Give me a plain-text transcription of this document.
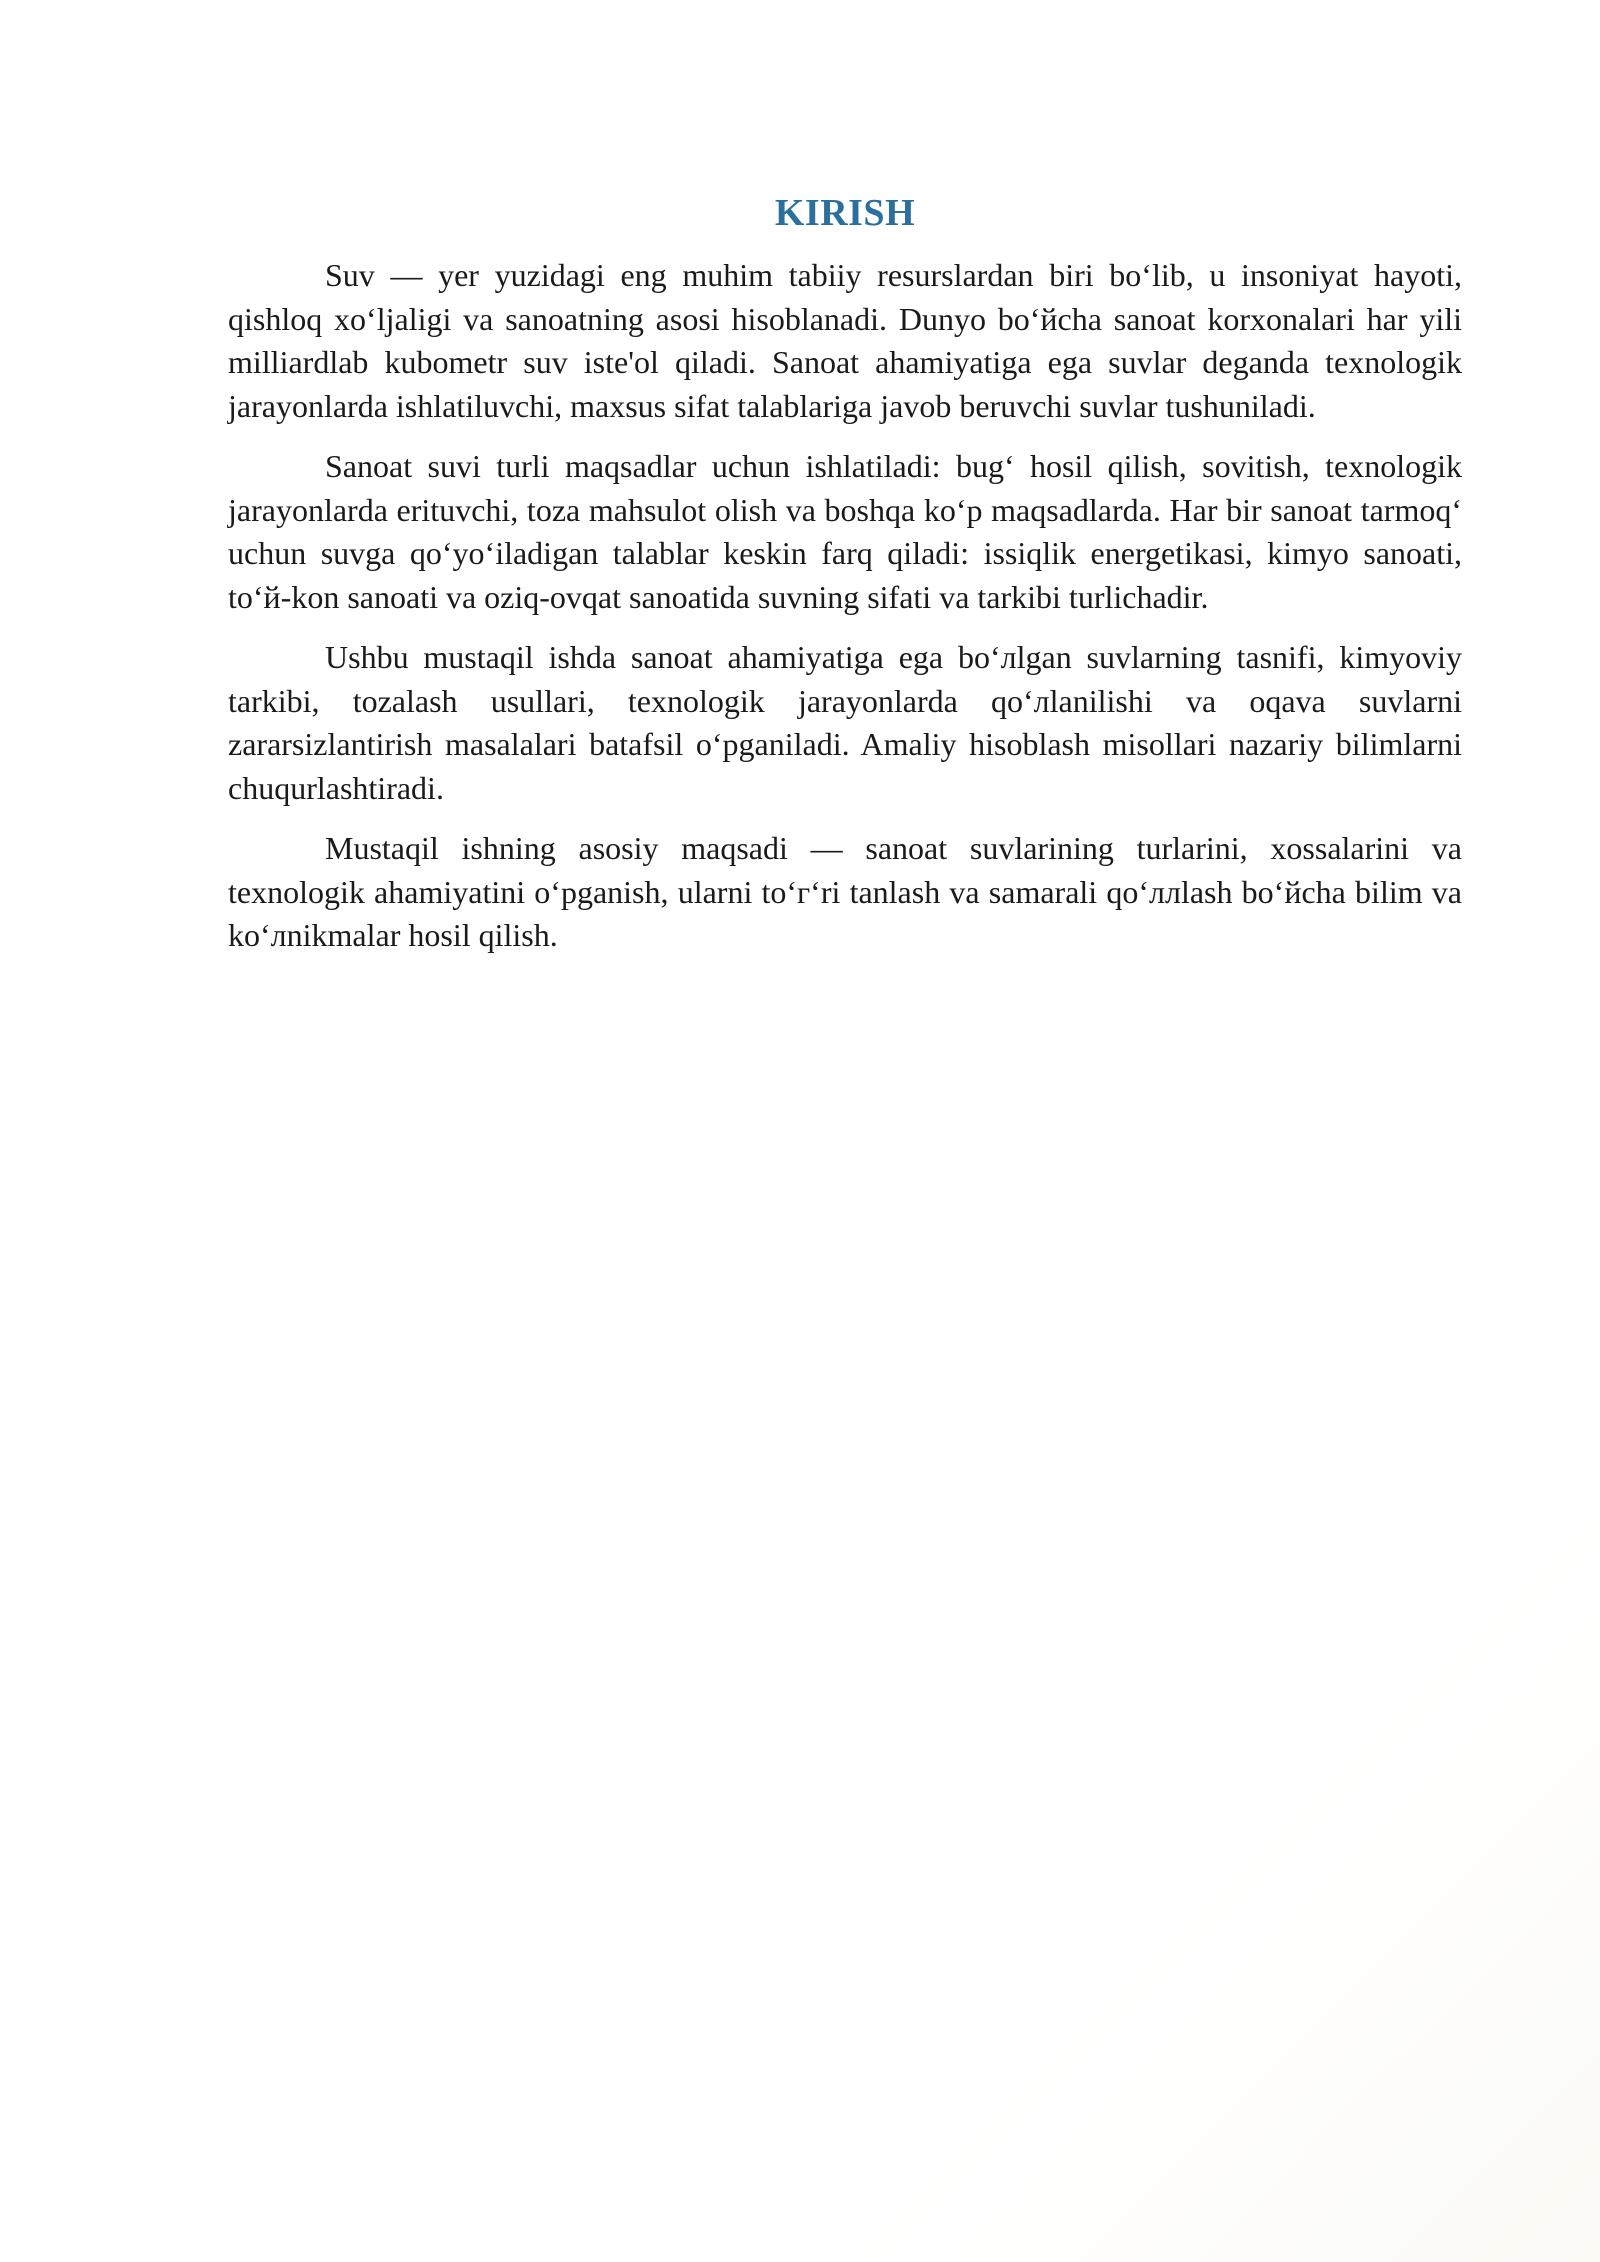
KIRISH

Suv — yer yuzidagi eng muhim tabiiy resurslardan biri bo‘lib, u insoniyat hayoti, qishloq xo‘ljaligi va sanoatning asosi hisoblanadi. Dunyo bo‘йcha sanoat korxonalari har yili milliardlab kubometr suv iste'ol qiladi. Sanoat ahamiyatiga ega suvlar deganda texnologik jarayonlarda ishlatiluvchi, maxsus sifat talablariga javob beruvchi suvlar tushuniladi.

Sanoat suvi turli maqsadlar uchun ishlatiladi: bug‘ hosil qilish, sovitish, texnologik jarayonlarda erituvchi, toza mahsulot olish va boshqa ko‘p maqsadlarda. Har bir sanoat tarmoq‘ uchun suvga qo‘yo‘iladigan talablar keskin farq qiladi: issiqlik energetikasi, kimyo sanoati, to‘й-kon sanoati va oziq-ovqat sanoatida suvning sifati va tarkibi turlichadir.

Ushbu mustaqil ishda sanoat ahamiyatiga ega bo‘лlgan suvlarning tasnifi, kimyoviy tarkibi, tozalash usullari, texnologik jarayonlarda qo‘лlanilishi va oqava suvlarni zararsizlantirish masalalari batafsil o‘рganiladi. Amaliy hisoblash misollari nazariy bilimlarni chuqurlashtiradi.

Mustaqil ishning asosiy maqsadi — sanoat suvlarining turlarini, xossalarini va texnologik ahamiyatini o‘рganish, ularni to‘г‘ri tanlash va samarali qo‘ллlash bo‘йcha bilim va ko‘лnikmalar hosil qilish.
